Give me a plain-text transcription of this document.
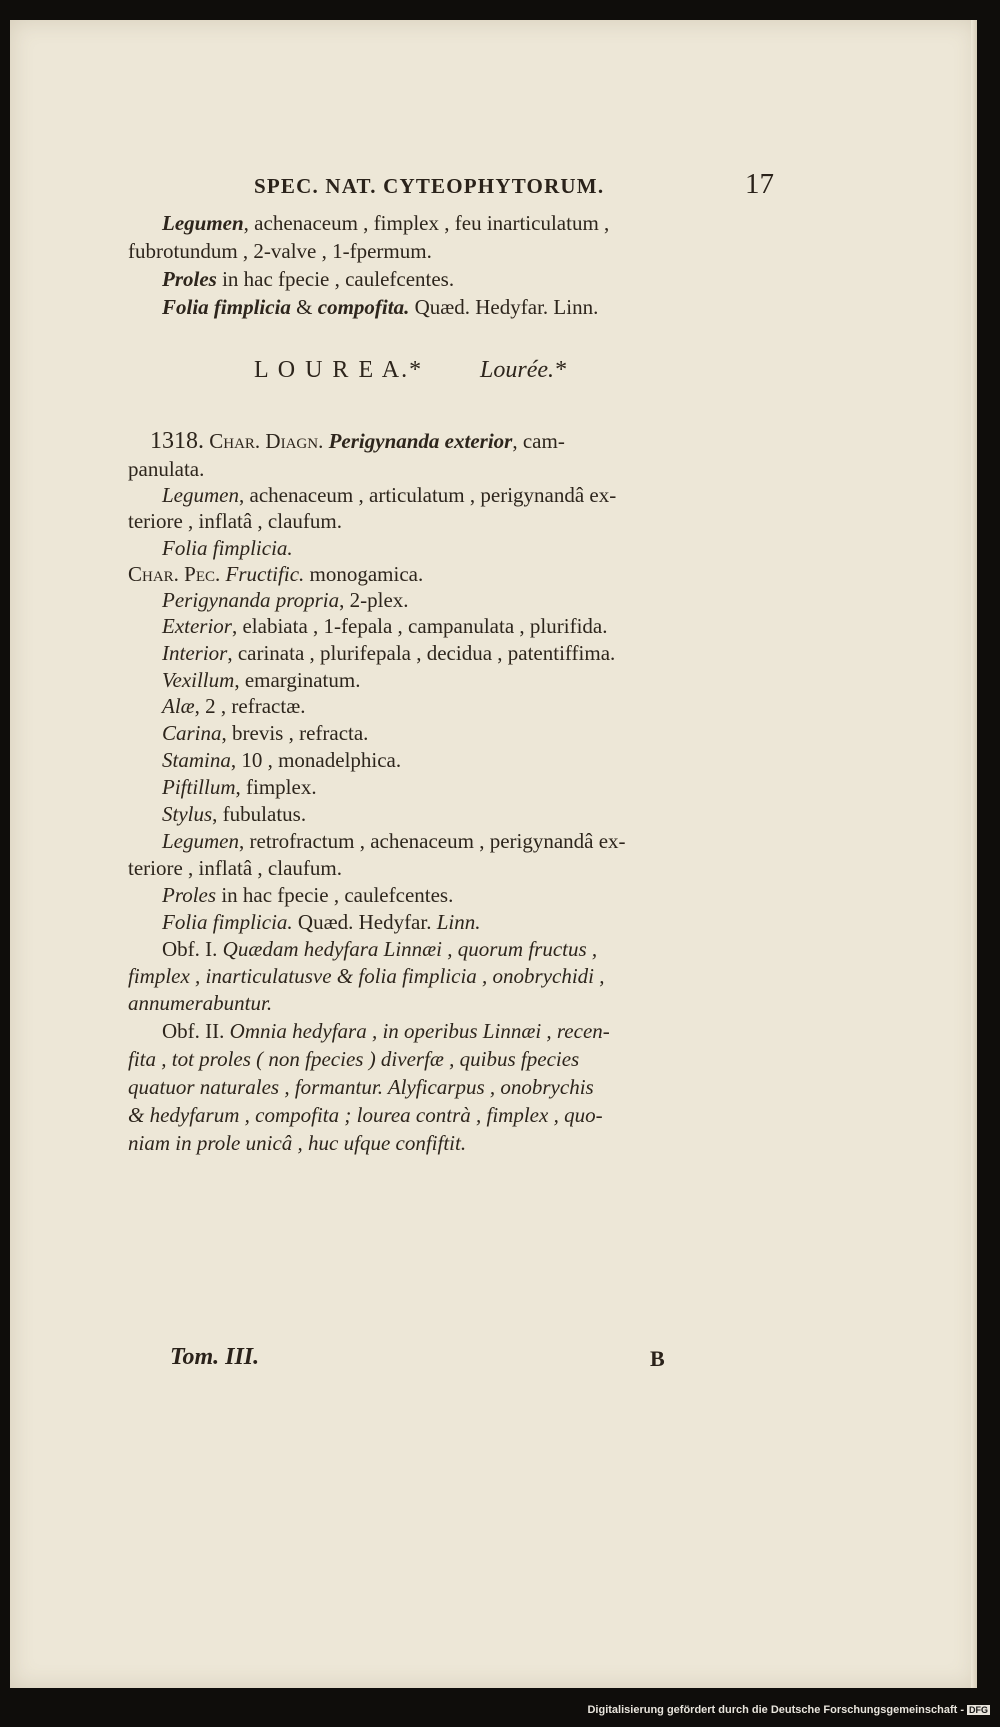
SPEC. NAT. CYTEOPHYTORUM.	17
Legumen, achenaceum , fimplex , feu inarticulatum ,
fubrotundum , 2-valve , 1-fpermum.
Proles in hac fpecie , caulefcentes.
Folia fimplicia & compofita. Quæd. Hedyfar. Linn.
L O U R E A.* Lourée.*
1318. Char. Diagn. Perigynanda exterior, cam-
panulata.
Legumen, achenaceum , articulatum , perigynandâ ex-
teriore , inflatâ , claufum.
Folia fimplicia.
Char. Pec. Fructific. monogamica.
Perigynanda propria, 2-plex.
Exterior, elabiata , 1-fepala , campanulata , plurifida.
Interior, carinata , plurifepala , decidua , patentiffima.
Vexillum, emarginatum.
Alæ, 2 , refractæ.
Carina, brevis , refracta.
Stamina, 10 , monadelphica.
Piftillum, fimplex.
Stylus, fubulatus.
Legumen, retrofractum , achenaceum , perigynandâ ex-
teriore , inflatâ , claufum.
Proles in hac fpecie , caulefcentes.
Folia fimplicia. Quæd. Hedyfar. Linn.
Obf. I. Quædam hedyfara Linnæi , quorum fructus ,
fimplex , inarticulatusve & folia fimplicia , onobrychidi ,
annumerabuntur.
Obf. II. Omnia hedyfara , in operibus Linnæi , recen-
fita , tot proles ( non fpecies ) diverfæ , quibus fpecies
quatuor naturales , formantur. Alyficarpus , onobrychis
& hedyfarum , compofita ; lourea contrà , fimplex , quo-
niam in prole unicâ , huc ufque confiftit.
Tom. III.	B
Digitalisierung gefördert durch die Deutsche Forschungsgemeinschaft - DFG
